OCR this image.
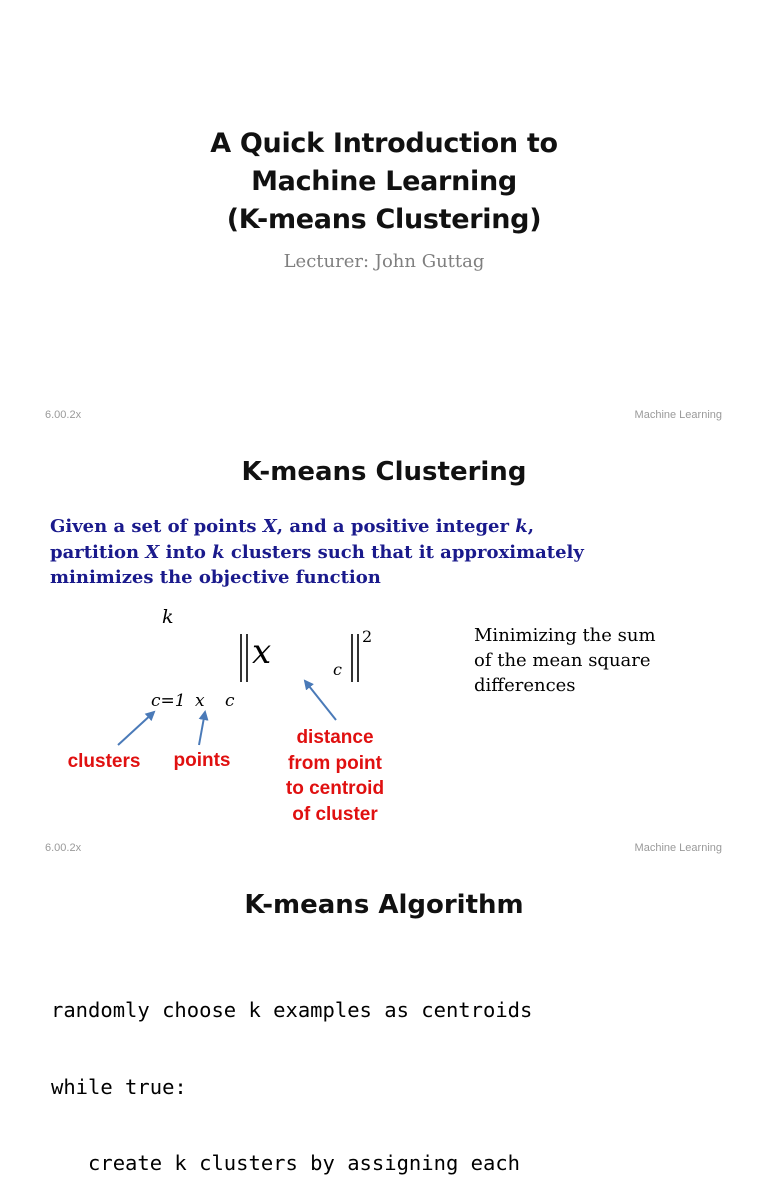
A Quick Introduction to
Machine Learning
(K-means Clustering)
Lecturer: John Guttag
6.00.2x	Machine Learning
K-means Clustering
Given a set of points X, and a positive integer k,
partition X into k clusters such that it approximately
minimizes the objective function
k
x	c
2
c=1 x c
Minimizing the sum
of the mean square
differences
clusters	points
distance
from point
to centroid
of cluster
6.00.2x	Machine Learning
K-means Algorithm

randomly choose k examples as centroids

while true:

create k clusters by assigning each
